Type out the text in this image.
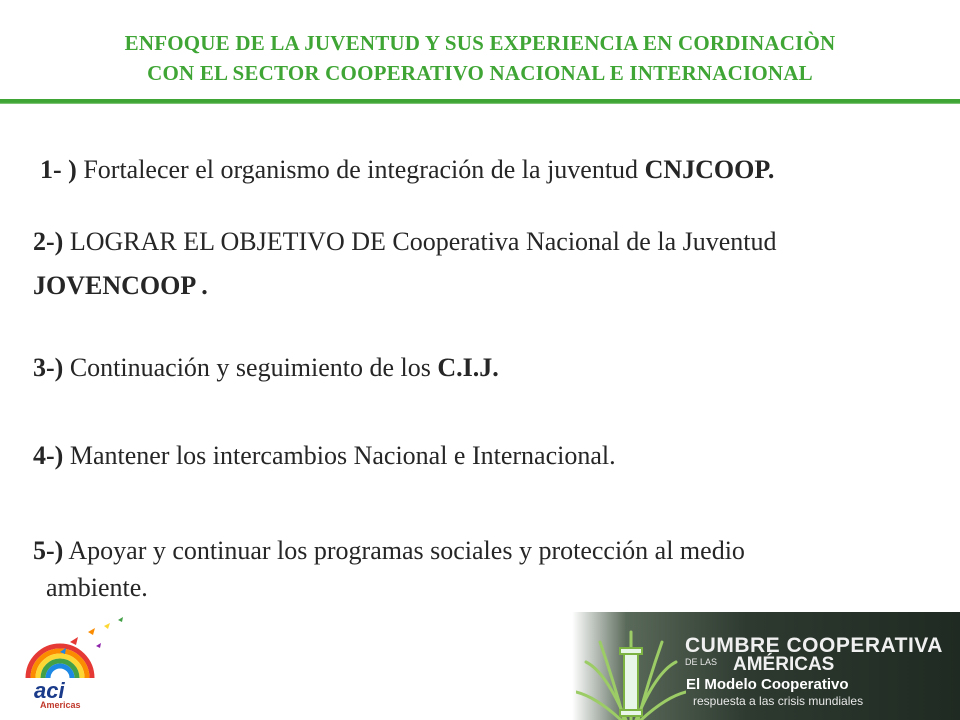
ENFOQUE DE LA JUVENTUD Y SUS EXPERIENCIA EN CORDINACIÒN
CON EL SECTOR COOPERATIVO NACIONAL E INTERNACIONAL
1- ) Fortalecer el organismo de integración de la juventud CNJCOOP.
2-) LOGRAR EL OBJETIVO DE Cooperativa Nacional de la Juventud
JOVENCOOP .
3-) Continuación y seguimiento de los C.I.J.
4-) Mantener los intercambios Nacional e Internacional.
5-) Apoyar y continuar los programas sociales y protección al medio
ambiente.
aci
Americas
CUMBRE COOPERATIVA
DE LAS AMÉRICAS
El Modelo Cooperativo
respuesta a las crisis mundiales
